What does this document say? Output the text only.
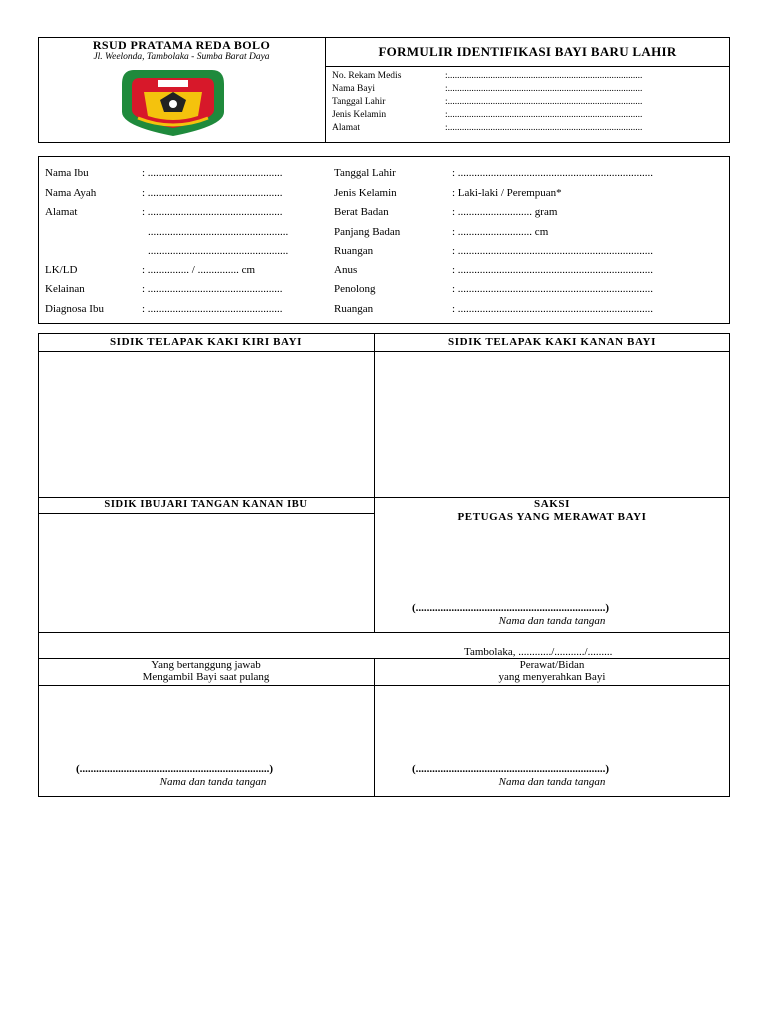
RSUD PRATAMA REDA BOLO
Jl. Weelonda, Tambolaka - Sumba Barat Daya	FORMULIR IDENTIFIKASI BAYI BARU LAHIR
No. Rekam Medis	:..................................................................................
Nama Bayi	:..................................................................................
Tanggal Lahir	:..................................................................................
Jenis Kelamin	:..................................................................................
Alamat	:..................................................................................
Nama Ibu	: .................................................
Nama Ayah	: .................................................
Alamat	: .................................................
...................................................
...................................................
LK/LD	: ............... / ............... cm
Kelainan	: .................................................
Diagnosa Ibu	: .................................................
Tanggal Lahir	: .......................................................................
Jenis Kelamin	: Laki-laki / Perempuan*
Berat Badan	: ........................... gram
Panjang Badan	: ........................... cm
Ruangan	: .......................................................................
Anus	: .......................................................................
Penolong	: .......................................................................
Ruangan	: .......................................................................
SIDIK TELAPAK KAKI KIRI BAYI	SIDIK TELAPAK KAKI KANAN BAYI
SIDIK IBUJARI TANGAN KANAN IBU	SAKSI
PETUGAS YANG MERAWAT BAYI
(.....................................................................)
Nama dan tanda tangan
Tambolaka, ............/.........../.........
Yang bertanggung jawab
Mengambil Bayi saat pulang
Perawat/Bidan
yang menyerahkan Bayi
(.....................................................................)
Nama dan tanda tangan
(.....................................................................)
Nama dan tanda tangan
